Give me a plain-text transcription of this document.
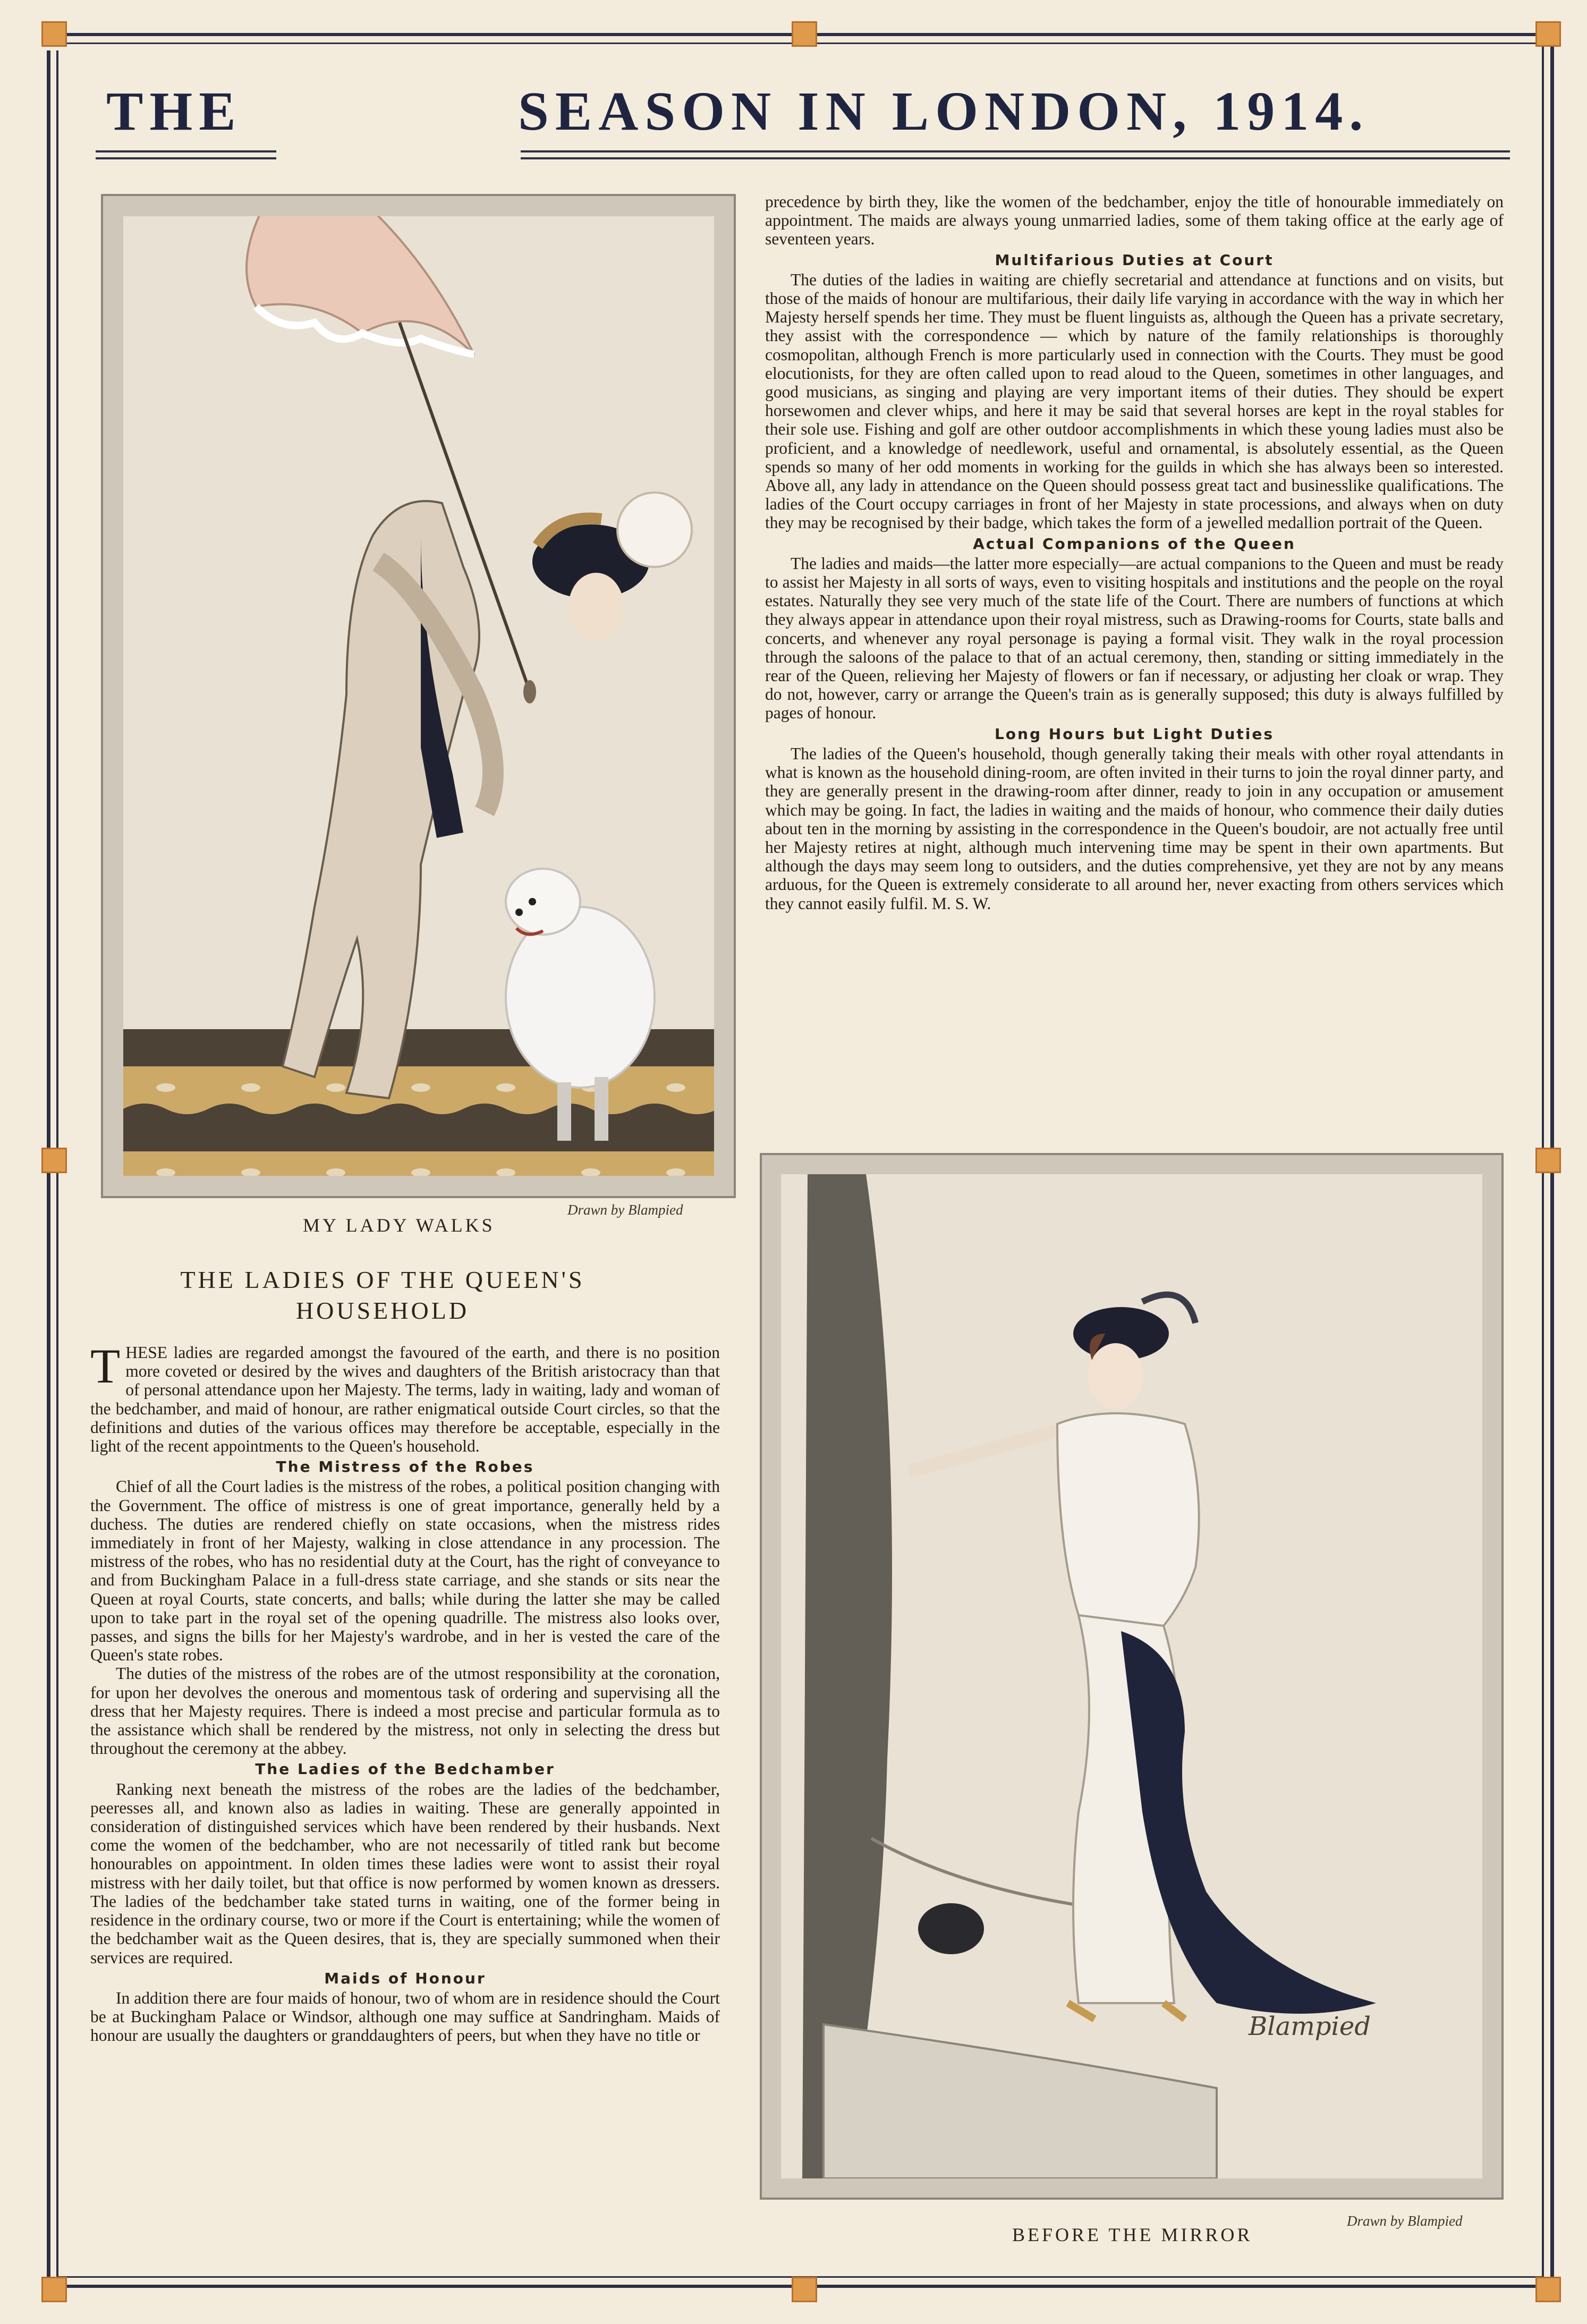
THE	SEASON IN LONDON, 1914.
MY LADY WALKS
Drawn by Blampied

precedence by birth they, like the women of the bedchamber, enjoy the title of honourable immediately on appointment. The maids are always young unmarried ladies, some of them taking office at the early age of seventeen years.

Multifarious Duties at Court

The duties of the ladies in waiting are chiefly secretarial and attendance at functions and on visits, but those of the maids of honour are multifarious, their daily life varying in accordance with the way in which her Majesty herself spends her time. They must be fluent linguists as, although the Queen has a private secretary, they assist with the correspondence — which by nature of the family relationships is thoroughly cosmopolitan, although French is more particularly used in connection with the Courts. They must be good elocutionists, for they are often called upon to read aloud to the Queen, sometimes in other languages, and good musicians, as singing and playing are very important items of their duties. They should be expert horsewomen and clever whips, and here it may be said that several horses are kept in the royal stables for their sole use. Fishing and golf are other outdoor accomplishments in which these young ladies must also be proficient, and a knowledge of needlework, useful and ornamental, is absolutely essential, as the Queen spends so many of her odd moments in working for the guilds in which she has always been so interested. Above all, any lady in attendance on the Queen should possess great tact and businesslike qualifications. The ladies of the Court occupy carriages in front of her Majesty in state processions, and always when on duty they may be recognised by their badge, which takes the form of a jewelled medallion portrait of the Queen.

Actual Companions of the Queen

The ladies and maids—the latter more especially—are actual companions to the Queen and must be ready to assist her Majesty in all sorts of ways, even to visiting hospitals and institutions and the people on the royal estates. Naturally they see very much of the state life of the Court. There are numbers of functions at which they always appear in attendance upon their royal mistress, such as Drawing-rooms for Courts, state balls and concerts, and whenever any royal personage is paying a formal visit. They walk in the royal procession through the saloons of the palace to that of an actual ceremony, then, standing or sitting immediately in the rear of the Queen, relieving her Majesty of flowers or fan if necessary, or adjusting her cloak or wrap. They do not, however, carry or arrange the Queen's train as is generally supposed; this duty is always fulfilled by pages of honour.

Long Hours but Light Duties

The ladies of the Queen's household, though generally taking their meals with other royal attendants in what is known as the household dining-room, are often invited in their turns to join the royal dinner party, and they are generally present in the drawing-room after dinner, ready to join in any occupation or amusement which may be going. In fact, the ladies in waiting and the maids of honour, who commence their daily duties about ten in the morning by assisting in the correspondence in the Queen's boudoir, are not actually free until her Majesty retires at night, although much intervening time may be spent in their own apartments. But although the days may seem long to outsiders, and the duties comprehensive, yet they are not by any means arduous, for the Queen is extremely considerate to all around her, never exacting from others services which they cannot easily fulfil. M. S. W.

Blampied
BEFORE THE MIRROR
Drawn by Blampied
THE LADIES OF THE QUEEN'S HOUSEHOLD

THESE ladies are regarded amongst the favoured of the earth, and there is no position more coveted or desired by the wives and daughters of the British aristocracy than that of personal attendance upon her Majesty. The terms, lady in waiting, lady and woman of the bedchamber, and maid of honour, are rather enigmatical outside Court circles, so that the definitions and duties of the various offices may therefore be acceptable, especially in the light of the recent appointments to the Queen's household.

The Mistress of the Robes

Chief of all the Court ladies is the mistress of the robes, a political position changing with the Government. The office of mistress is one of great importance, generally held by a duchess. The duties are rendered chiefly on state occasions, when the mistress rides immediately in front of her Majesty, walking in close attendance in any procession. The mistress of the robes, who has no residential duty at the Court, has the right of conveyance to and from Buckingham Palace in a full-dress state carriage, and she stands or sits near the Queen at royal Courts, state concerts, and balls; while during the latter she may be called upon to take part in the royal set of the opening quadrille. The mistress also looks over, passes, and signs the bills for her Majesty's wardrobe, and in her is vested the care of the Queen's state robes.

The duties of the mistress of the robes are of the utmost responsibility at the coronation, for upon her devolves the onerous and momentous task of ordering and supervising all the dress that her Majesty requires. There is indeed a most precise and particular formula as to the assistance which shall be rendered by the mistress, not only in selecting the dress but throughout the ceremony at the abbey.

The Ladies of the Bedchamber

Ranking next beneath the mistress of the robes are the ladies of the bedchamber, peeresses all, and known also as ladies in waiting. These are generally appointed in consideration of distinguished services which have been rendered by their husbands. Next come the women of the bedchamber, who are not necessarily of titled rank but become honourables on appointment. In olden times these ladies were wont to assist their royal mistress with her daily toilet, but that office is now performed by women known as dressers. The ladies of the bedchamber take stated turns in waiting, one of the former being in residence in the ordinary course, two or more if the Court is entertaining; while the women of the bedchamber wait as the Queen desires, that is, they are specially summoned when their services are required.

Maids of Honour

In addition there are four maids of honour, two of whom are in residence should the Court be at Buckingham Palace or Windsor, although one may suffice at Sandringham. Maids of honour are usually the daughters or granddaughters of peers, but when they have no title or
